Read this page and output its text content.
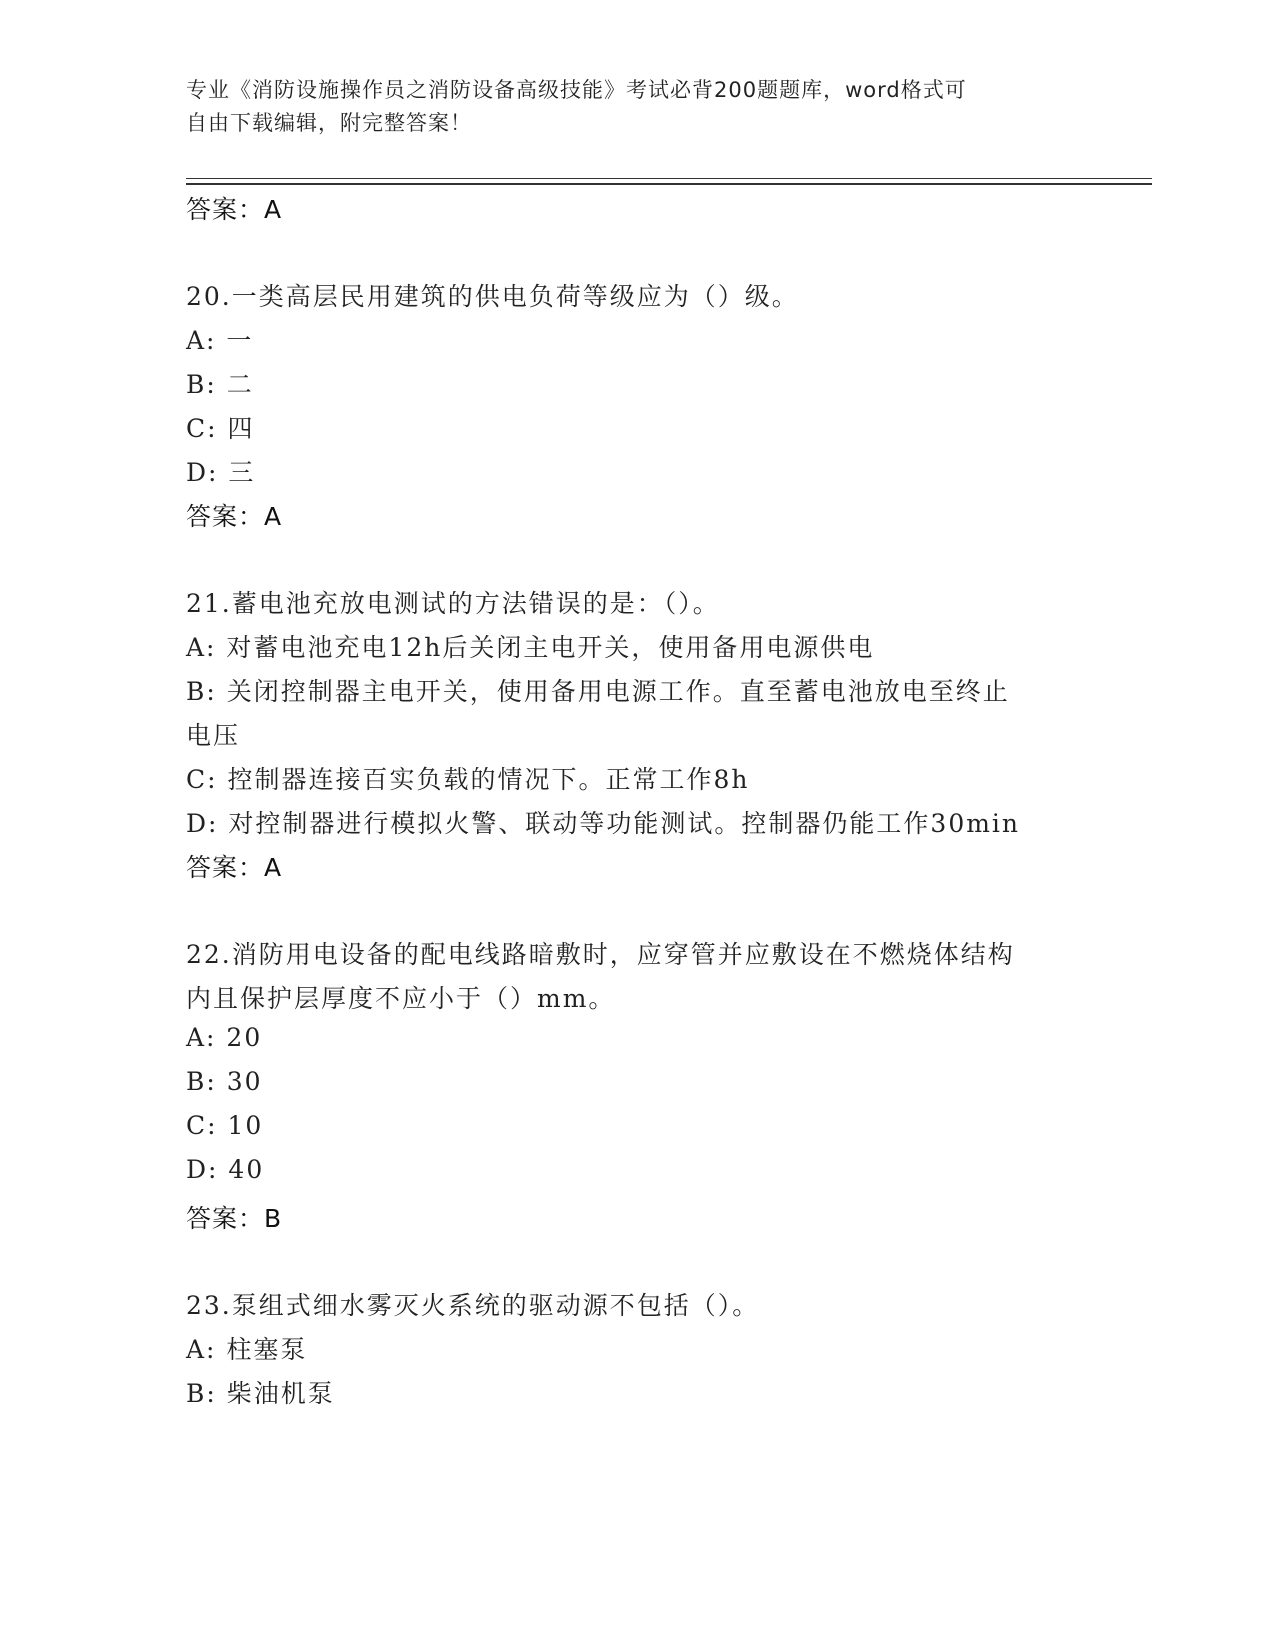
专业《消防设施操作员之消防设备高级技能》考试必背200题题库，word格式可
自由下载编辑，附完整答案！
答案：A
20.一类高层民用建筑的供电负荷等级应为（）级。
A: 一
B: 二
C: 四
D: 三
答案：A
21.蓄电池充放电测试的方法错误的是：（）。
A: 对蓄电池充电12h后关闭主电开关，使用备用电源供电
B: 关闭控制器主电开关，使用备用电源工作。直至蓄电池放电至终止
电压
C: 控制器连接百实负载的情况下。正常工作8h
D: 对控制器进行模拟火警、联动等功能测试。控制器仍能工作30min
答案：A
22.消防用电设备的配电线路暗敷时，应穿管并应敷设在不燃烧体结构
内且保护层厚度不应小于（）mm。
A: 20
B: 30
C: 10
D: 40
答案：B
23.泵组式细水雾灭火系统的驱动源不包括（）。
A: 柱塞泵
B: 柴油机泵
